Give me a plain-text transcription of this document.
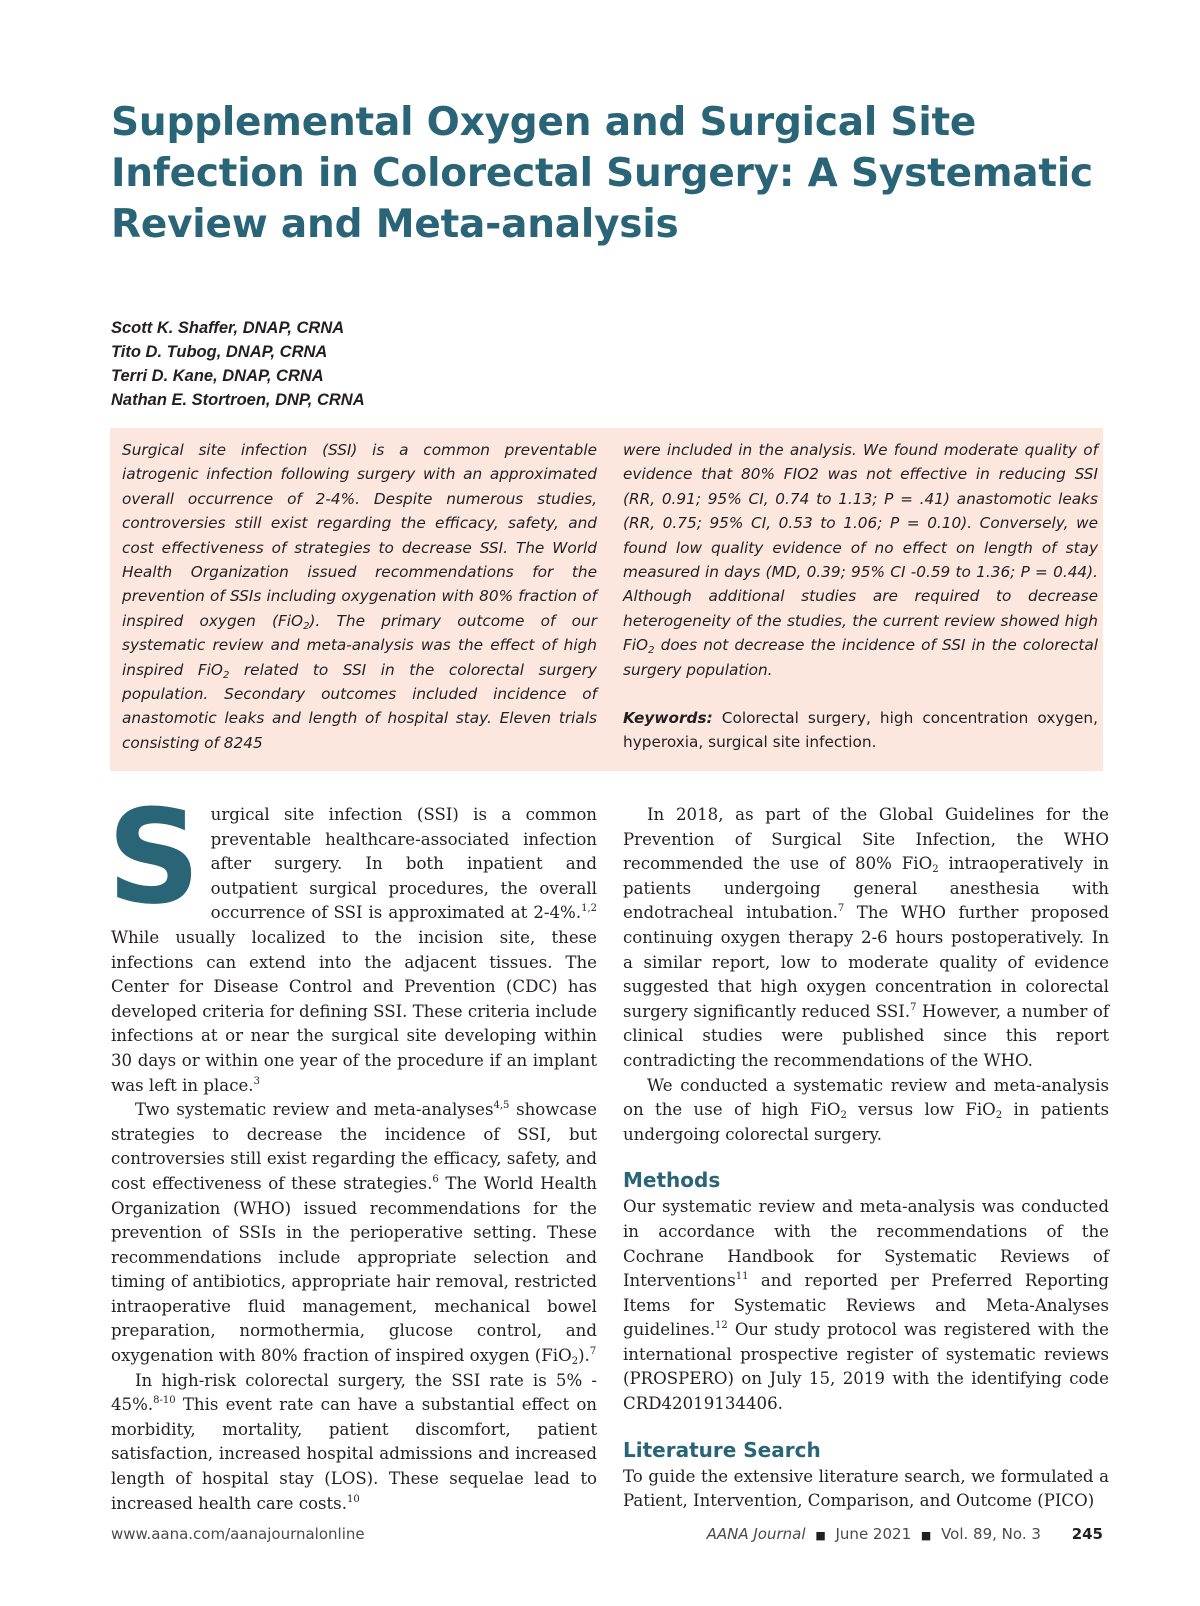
Supplemental Oxygen and Surgical Site Infection in Colorectal Surgery: A Systematic Review and Meta-analysis
Scott K. Shaffer, DNAP, CRNA
Tito D. Tubog, DNAP, CRNA
Terri D. Kane, DNAP, CRNA
Nathan E. Stortroen, DNP, CRNA

Surgical site infection (SSI) is a common preventable iatrogenic infection following surgery with an approximated overall occurrence of 2-4%. Despite numerous studies, controversies still exist regarding the efficacy, safety, and cost effectiveness of strategies to decrease SSI. The World Health Organization issued recommendations for the prevention of SSIs including oxygenation with 80% fraction of inspired oxygen (FiO$_2$). The primary outcome of our systematic review and meta-analysis was the effect of high inspired FiO$_2$ related to SSI in the colorectal surgery population. Secondary outcomes included incidence of anastomotic leaks and length of hospital stay. Eleven trials consisting of 8245

were included in the analysis. We found moderate quality of evidence that 80% FIO2 was not effective in reducing SSI (RR, 0.91; 95% CI, 0.74 to 1.13; P = .41) anastomotic leaks (RR, 0.75; 95% CI, 0.53 to 1.06; P = 0.10). Conversely, we found low quality evidence of no effect on length of stay measured in days (MD, 0.39; 95% CI -0.59 to 1.36; P = 0.44). Although additional studies are required to decrease heterogeneity of the studies, the current review showed high FiO$_2$ does not decrease the incidence of SSI in the colorectal surgery population.

Keywords: Colorectal surgery, high concentration oxygen, hyperoxia, surgical site infection.

Surgical site infection (SSI) is a common preventable healthcare-associated infection after surgery. In both inpatient and outpatient surgical procedures, the overall occurrence of SSI is approximated at 2-4%.$^{1,2}$ While usually localized to the incision site, these infections can extend into the adjacent tissues. The Center for Disease Control and Prevention (CDC) has developed criteria for defining SSI. These criteria include infections at or near the surgical site developing within 30 days or within one year of the procedure if an implant was left in place.$^3$

Two systematic review and meta-analyses$^{4,5}$ showcase strategies to decrease the incidence of SSI, but controversies still exist regarding the efficacy, safety, and cost effectiveness of these strategies.$^6$ The World Health Organization (WHO) issued recommendations for the prevention of SSIs in the perioperative setting. These recommendations include appropriate selection and timing of antibiotics, appropriate hair removal, restricted intraoperative fluid management, mechanical bowel preparation, normothermia, glucose control, and oxygenation with 80% fraction of inspired oxygen (FiO$_2$).$^7$

In high-risk colorectal surgery, the SSI rate is 5% - 45%.$^{8-10}$ This event rate can have a substantial effect on morbidity, mortality, patient discomfort, patient satisfaction, increased hospital admissions and increased length of hospital stay (LOS). These sequelae lead to increased health care costs.$^{10}$

In 2018, as part of the Global Guidelines for the Prevention of Surgical Site Infection, the WHO recommended the use of 80% FiO$_2$ intraoperatively in patients undergoing general anesthesia with endotracheal intubation.$^7$ The WHO further proposed continuing oxygen therapy 2-6 hours postoperatively. In a similar report, low to moderate quality of evidence suggested that high oxygen concentration in colorectal surgery significantly reduced SSI.$^7$ However, a number of clinical studies were published since this report contradicting the recommendations of the WHO.

We conducted a systematic review and meta-analysis on the use of high FiO$_2$ versus low FiO$_2$ in patients undergoing colorectal surgery.

Methods

Our systematic review and meta-analysis was conducted in accordance with the recommendations of the Cochrane Handbook for Systematic Reviews of Interventions$^{11}$ and reported per Preferred Reporting Items for Systematic Reviews and Meta-Analyses guidelines.$^{12}$ Our study protocol was registered with the international prospective register of systematic reviews (PROSPERO) on July 15, 2019 with the identifying code CRD42019134406.

Literature Search

To guide the extensive literature search, we formulated a Patient, Intervention, Comparison, and Outcome (PICO)

www.aana.com/aanajournalonline	AANA Journal ■ June 2021 ■ Vol. 89, No. 3 245
